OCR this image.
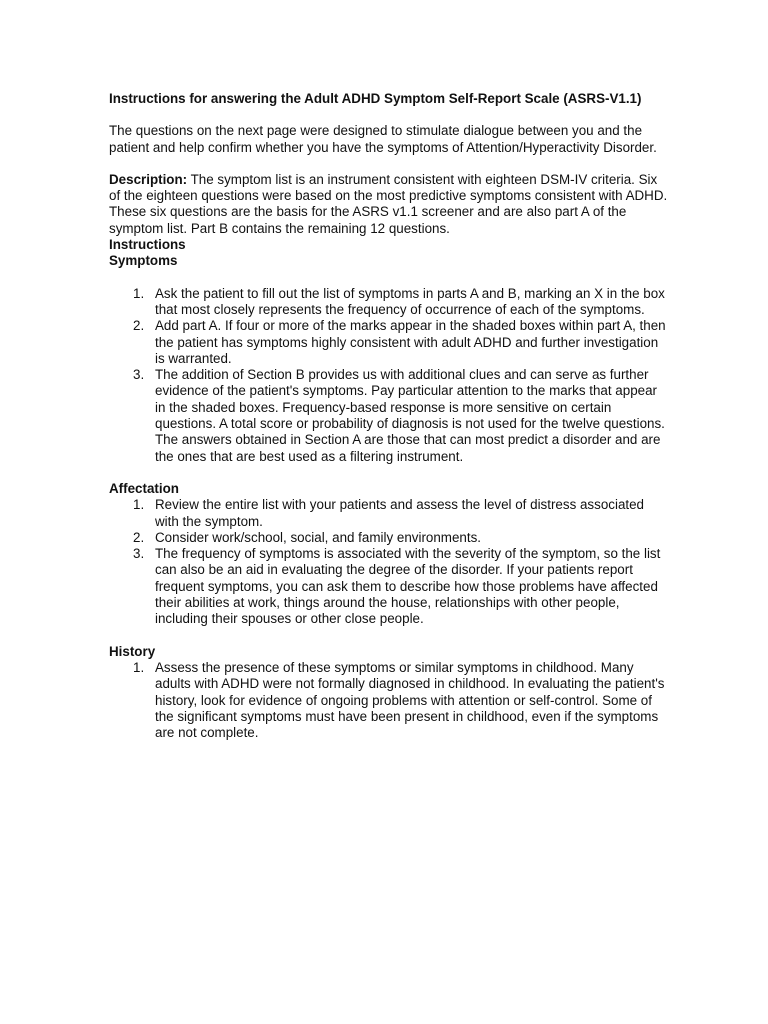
Instructions for answering the Adult ADHD Symptom Self-Report Scale (ASRS-V1.1)

The questions on the next page were designed to stimulate dialogue between you and the patient and help confirm whether you have the symptoms of Attention/Hyperactivity Disorder.

Description: The symptom list is an instrument consistent with eighteen DSM-IV criteria. Six of the eighteen questions were based on the most predictive symptoms consistent with ADHD. These six questions are the basis for the ASRS v1.1 screener and are also part A of the symptom list. Part B contains the remaining 12 questions.

Instructions

Symptoms

1. Ask the patient to fill out the list of symptoms in parts A and B, marking an X in the box that most closely represents the frequency of occurrence of each of the symptoms.
2. Add part A. If four or more of the marks appear in the shaded boxes within part A, then the patient has symptoms highly consistent with adult ADHD and further investigation is warranted.
3. The addition of Section B provides us with additional clues and can serve as further evidence of the patient's symptoms. Pay particular attention to the marks that appear in the shaded boxes. Frequency-based response is more sensitive on certain questions. A total score or probability of diagnosis is not used for the twelve questions. The answers obtained in Section A are those that can most predict a disorder and are the ones that are best used as a filtering instrument.

Affectation

1. Review the entire list with your patients and assess the level of distress associated with the symptom.
2. Consider work/school, social, and family environments.
3. The frequency of symptoms is associated with the severity of the symptom, so the list can also be an aid in evaluating the degree of the disorder. If your patients report frequent symptoms, you can ask them to describe how those problems have affected their abilities at work, things around the house, relationships with other people, including their spouses or other close people.

History

1. Assess the presence of these symptoms or similar symptoms in childhood. Many adults with ADHD were not formally diagnosed in childhood. In evaluating the patient's history, look for evidence of ongoing problems with attention or self-control. Some of the significant symptoms must have been present in childhood, even if the symptoms are not complete.
